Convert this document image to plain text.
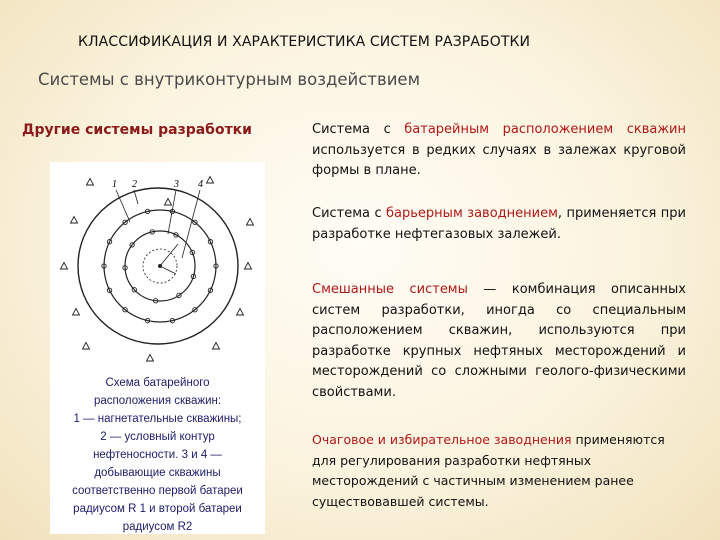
КЛАССИФИКАЦИЯ И ХАРАКТЕРИСТИКА СИСТЕМ РАЗРАБОТКИ
Системы с внутриконтурным воздействием
Другие системы разработки
1 2	3 4
Схема батарейного
расположения скважин:
1 — нагнетательные скважины;
2 — условный контур
нефтеносности. 3 и 4 —
добывающие скважины
соответственно первой батареи
радиусом R 1 и второй батареи
радиусом R2
Система с батарейным расположением скважин используется в редких случаях в залежах круговой формы в плане.
Система с барьерным заводнением, применяется при разработке нефтегазовых залежей.
Смешанные системы — комбинация описанных систем разработки, иногда со специальным расположением скважин, используются при разработке крупных нефтяных месторождений и месторождений со сложными геолого-физическими свойствами.
Очаговое и избирательное заводнения применяются для регулирования разработки нефтяных месторождений с частичным изменением ранее существовавшей системы.
